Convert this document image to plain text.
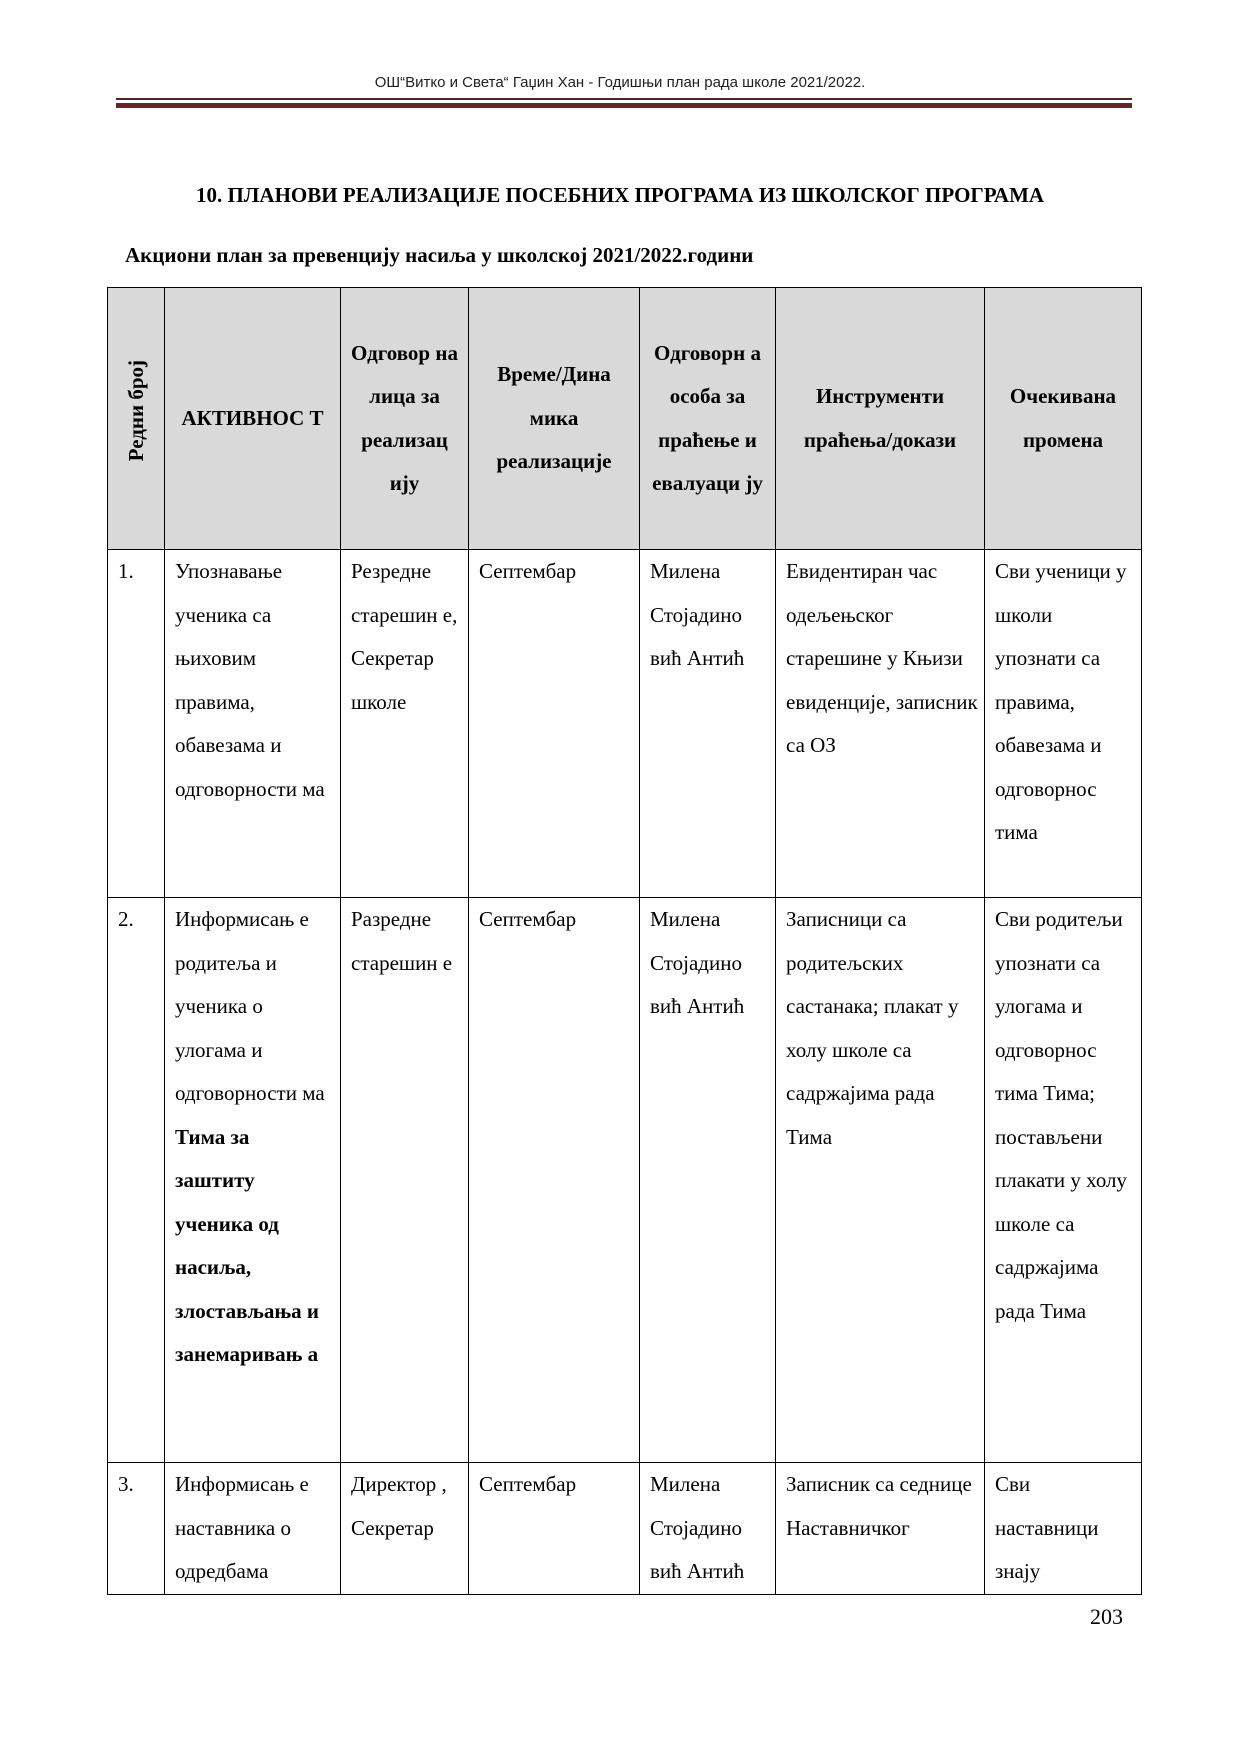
ОШ“Витко и Света“ Гаџин Хан - Годишњи план рада школе 2021/2022.
10. ПЛАНОВИ РЕАЛИЗАЦИЈЕ ПОСЕБНИХ ПРОГРАМА ИЗ ШКОЛСКОГ ПРОГРАМА
Акциони план за превенцију насиља у школској 2021/2022.години
Редни број	АКТИВНОС Т	Одговор на лица за реализац ију	Време/Дина мика реализације	Одговорн а особа за праћење и евалуаци ју	Инструменти праћења/докази	Очекивана промена
1.	Упознавање ученика са њиховим правима, обавезама и одговорности ма	Резредне старешин е, Секретар школе	Септембар	Милена Стојадино вић Антић	Евидентиран час одељењског старешине у Књизи евиденције, записник са ОЗ	Сви ученици у школи упознати са правима, обавезама и одговорнос тима
2.	Информисањ е родитеља и ученика о улогама и одговорности ма Тима за заштиту ученика од насиља, злостављања и занемаривањ а	Разредне старешин е	Септембар	Милена Стојадино вић Антић	Записници са родитељских састанака; плакат у холу школе са садржајима рада Тима	Сви родитељи упознати са улогама и одговорнос тима Тима; постављени плакати у холу школе са садржајима рада Тима
3.	Информисањ е наставника о одредбама	Директор , Секретар	Септембар	Милена Стојадино вић Антић	Записник са седнице Наставничког	Сви наставници знају
203
